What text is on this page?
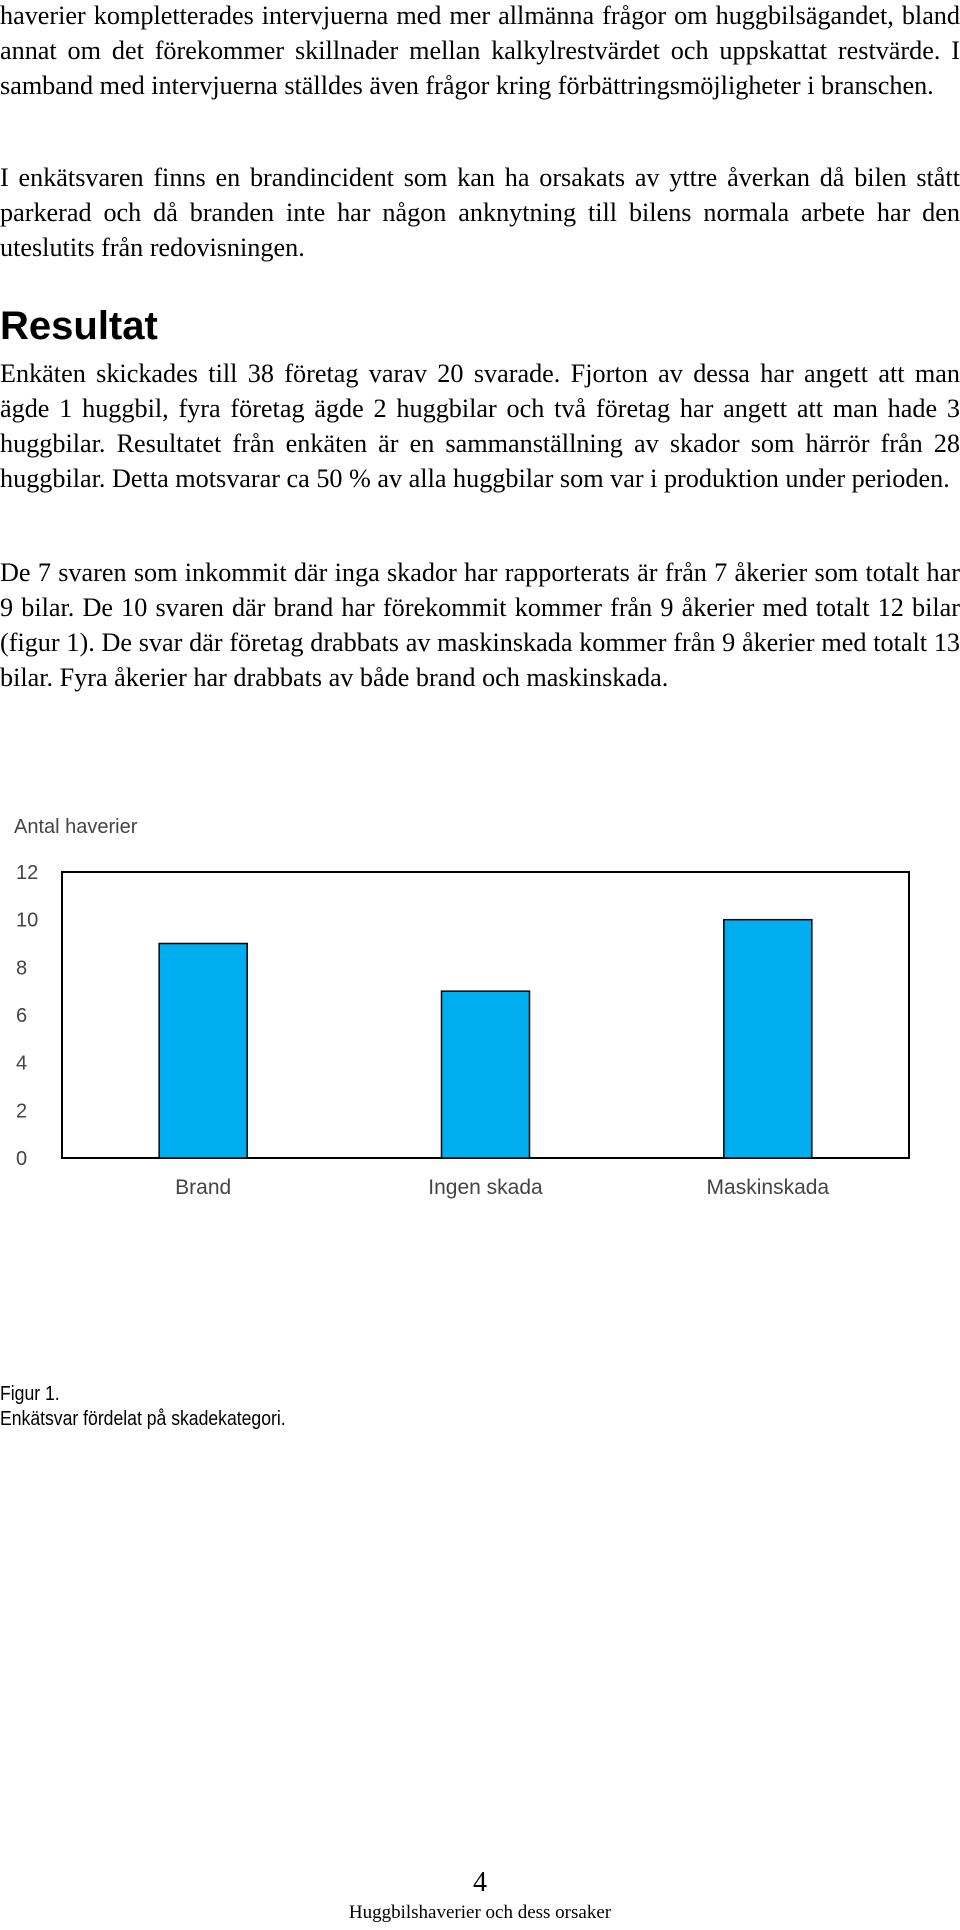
haverier kompletterades intervjuerna med mer allmänna frågor om huggbilsägandet, bland annat om det förekommer skillnader mellan kalkylrestvärdet och uppskattat restvärde. I samband med intervjuerna ställdes även frågor kring förbättringsmöjligheter i branschen.

I enkätsvaren finns en brandincident som kan ha orsakats av yttre åverkan då bilen stått parkerad och då branden inte har någon anknytning till bilens normala arbete har den uteslutits från redovisningen.

Resultat

Enkäten skickades till 38 företag varav 20 svarade. Fjorton av dessa har angett att man ägde 1 huggbil, fyra företag ägde 2 huggbilar och två företag har angett att man hade 3 huggbilar. Resultatet från enkäten är en sammanställning av skador som härrör från 28 huggbilar. Detta motsvarar ca 50 % av alla huggbilar som var i produktion under perioden.

De 7 svaren som inkommit där inga skador har rapporterats är från 7 åkerier som totalt har 9 bilar. De 10 svaren där brand har förekommit kommer från 9 åkerier med totalt 12 bilar (figur 1). De svar där företag drabbats av maskinskada kommer från 9 åkerier med totalt 13 bilar. Fyra åkerier har drabbats av både brand och maskinskada.

Antal haverier
0
2
4
6
8
10
12
Brand	Ingen skada	Maskinskada
Figur 1.
Enkätsvar fördelat på skadekategori.
4
Huggbilshaverier och dess orsaker
